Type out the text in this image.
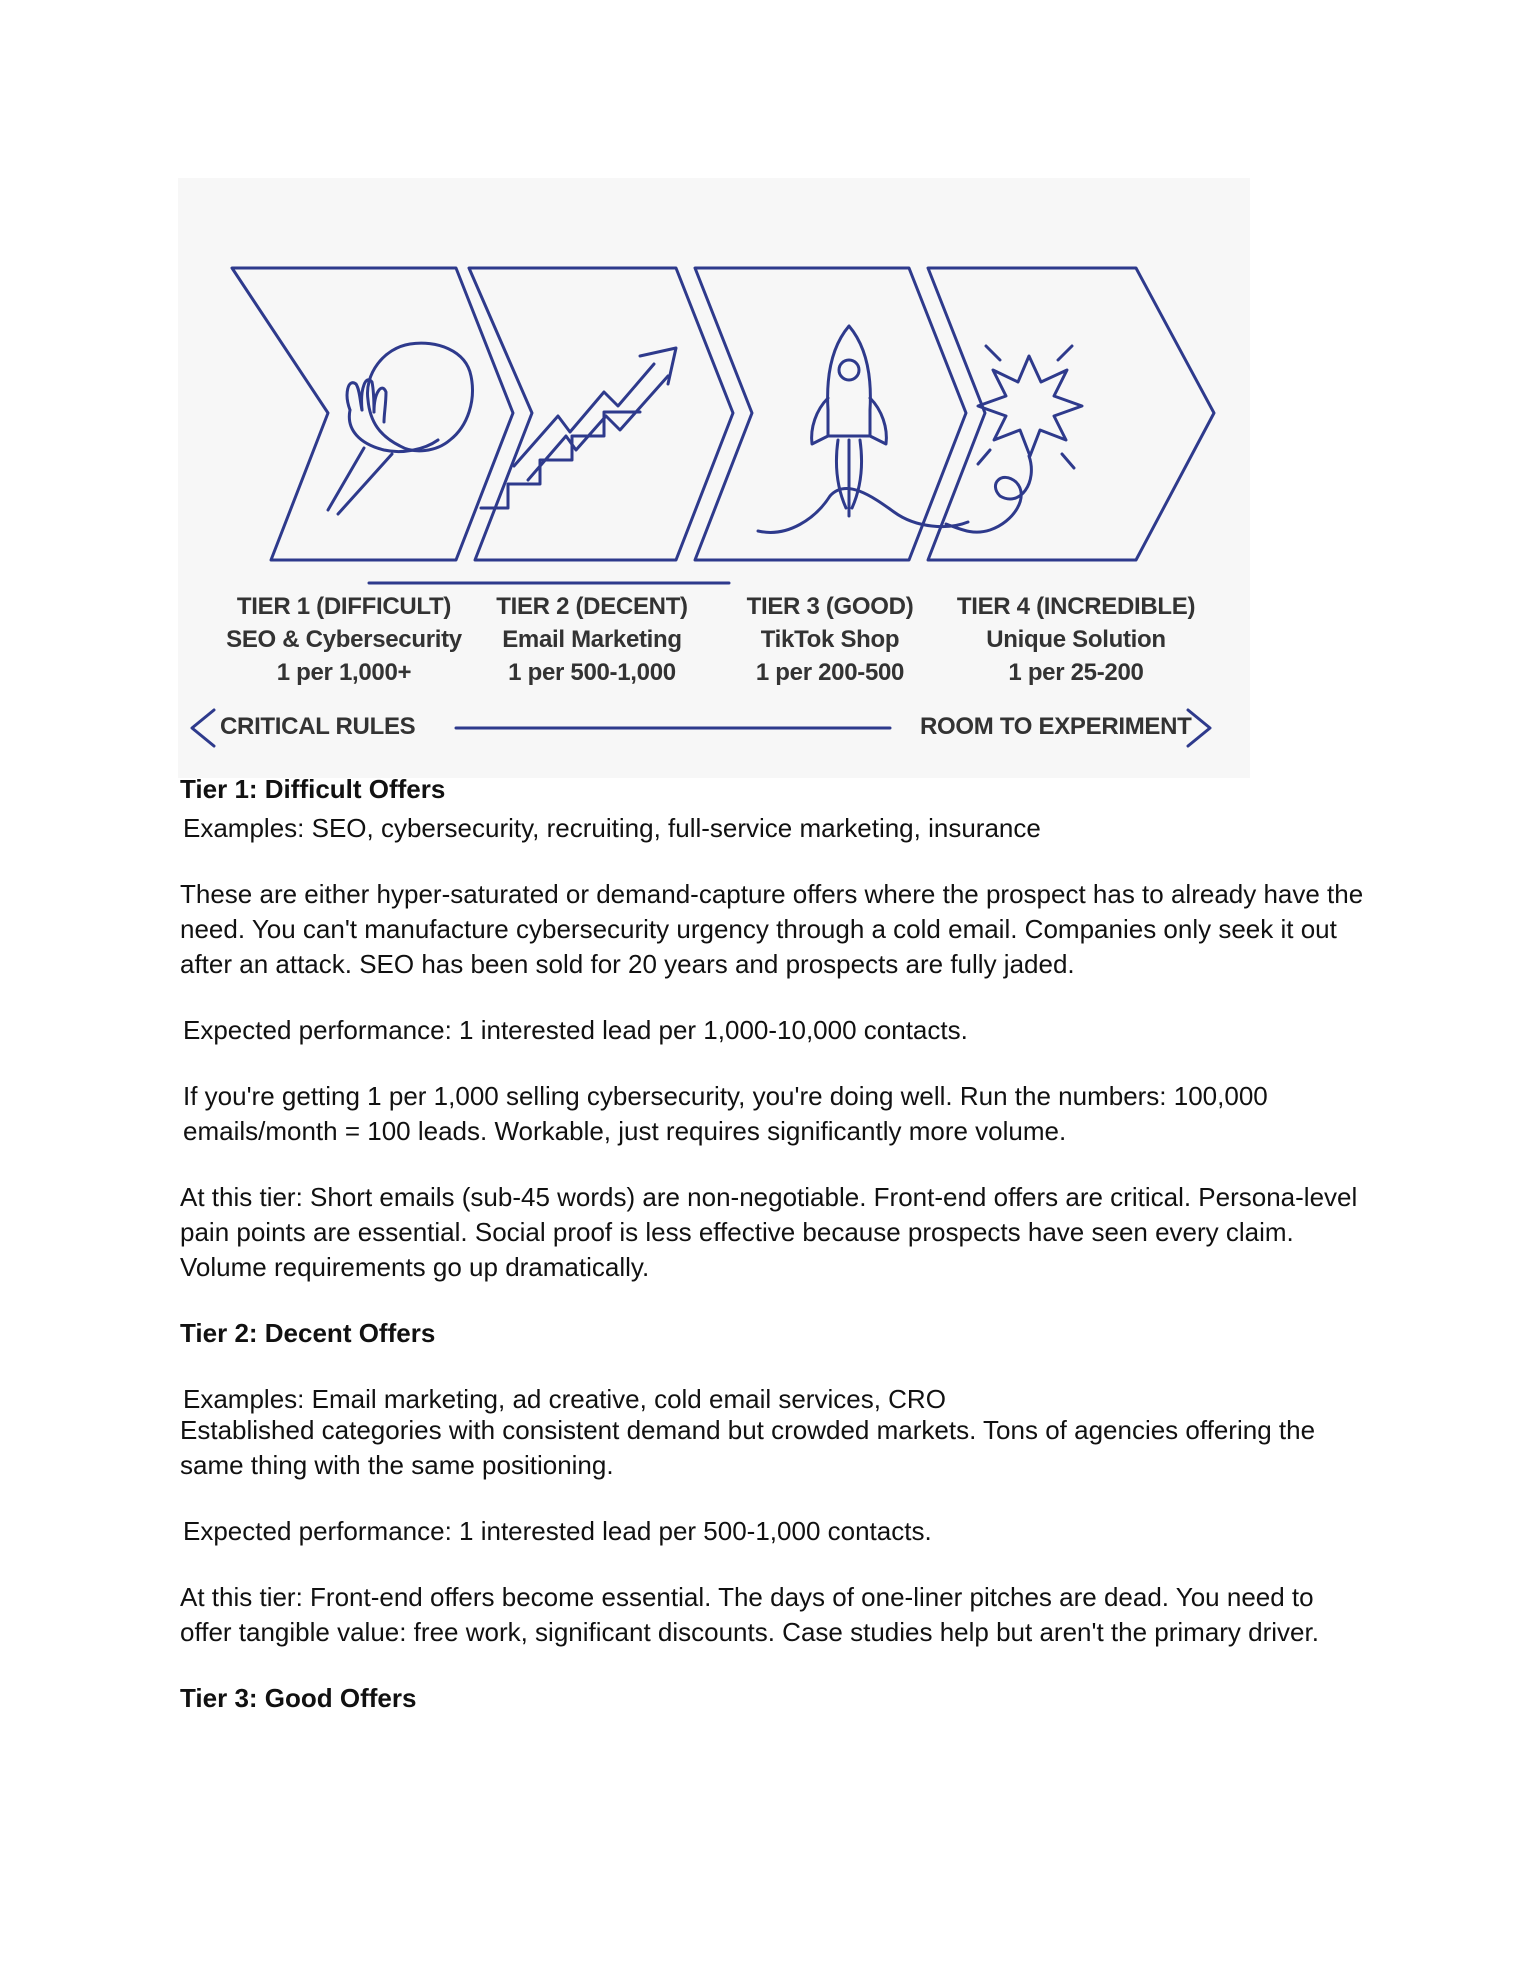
TIER 1 (DIFFICULT)
SEO & Cybersecurity
1 per 1,000+
TIER 2 (DECENT)
Email Marketing
1 per 500-1,000
TIER 3 (GOOD)
TikTok Shop
1 per 200-500
TIER 4 (INCREDIBLE)
Unique Solution
1 per 25-200
CRITICAL RULES	ROOM TO EXPERIMENT

Tier 1: Difficult Offers

Examples: SEO, cybersecurity, recruiting, full-service marketing, insurance

These are either hyper-saturated or demand-capture offers where the prospect has to already have the need. You can't manufacture cybersecurity urgency through a cold email. Companies only seek it out after an attack. SEO has been sold for 20 years and prospects are fully jaded.

Expected performance: 1 interested lead per 1,000-10,000 contacts.

If you're getting 1 per 1,000 selling cybersecurity, you're doing well. Run the numbers: 100,000 emails/month = 100 leads. Workable, just requires significantly more volume.

At this tier: Short emails (sub-45 words) are non-negotiable. Front-end offers are critical. Persona-level pain points are essential. Social proof is less effective because prospects have seen every claim. Volume requirements go up dramatically.

Tier 2: Decent Offers

Examples: Email marketing, ad creative, cold email services, CRO

Established categories with consistent demand but crowded markets. Tons of agencies offering the same thing with the same positioning.

Expected performance: 1 interested lead per 500-1,000 contacts.

At this tier: Front-end offers become essential. The days of one-liner pitches are dead. You need to offer tangible value: free work, significant discounts. Case studies help but aren't the primary driver.

Tier 3: Good Offers
